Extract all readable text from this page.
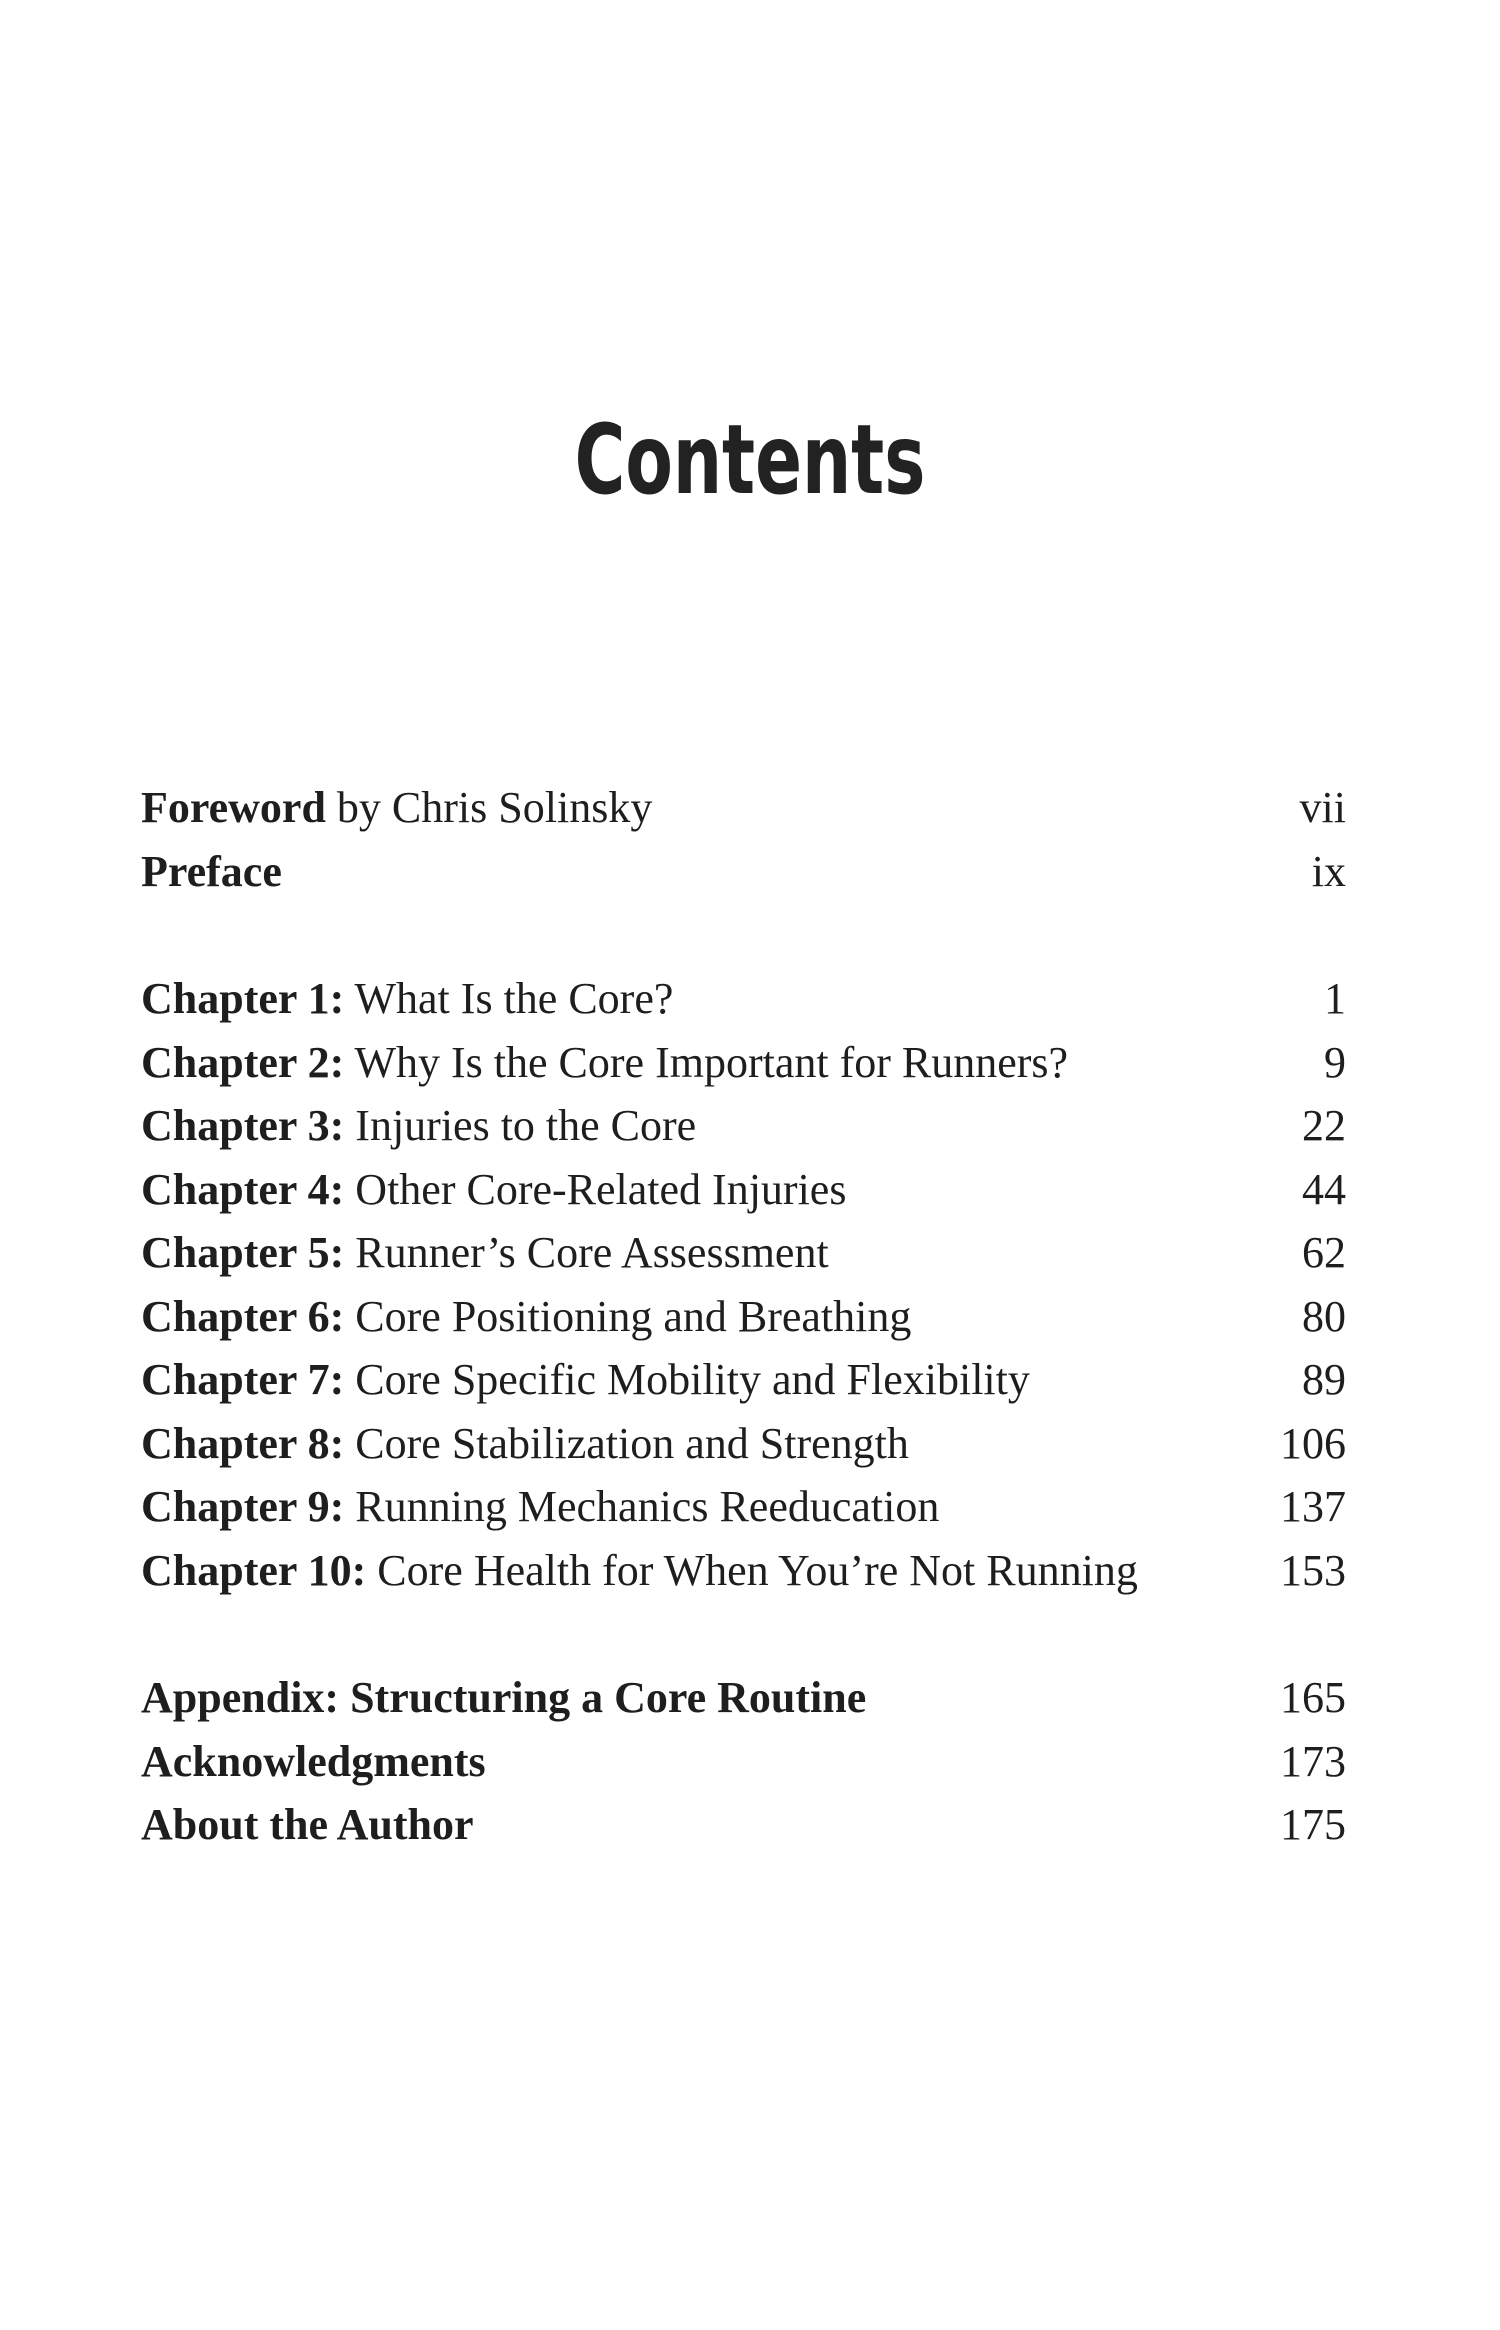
Contents
Foreword by Chris Solinsky	vii
Preface	ix
Chapter 1: What Is the Core?	1
Chapter 2: Why Is the Core Important for Runners?	9
Chapter 3: Injuries to the Core	22
Chapter 4: Other Core-Related Injuries	44
Chapter 5: Runner’s Core Assessment	62
Chapter 6: Core Positioning and Breathing	80
Chapter 7: Core Specific Mobility and Flexibility	89
Chapter 8: Core Stabilization and Strength	106
Chapter 9: Running Mechanics Reeducation	137
Chapter 10: Core Health for When You’re Not Running	153
Appendix: Structuring a Core Routine	165
Acknowledgments	173
About the Author	175
